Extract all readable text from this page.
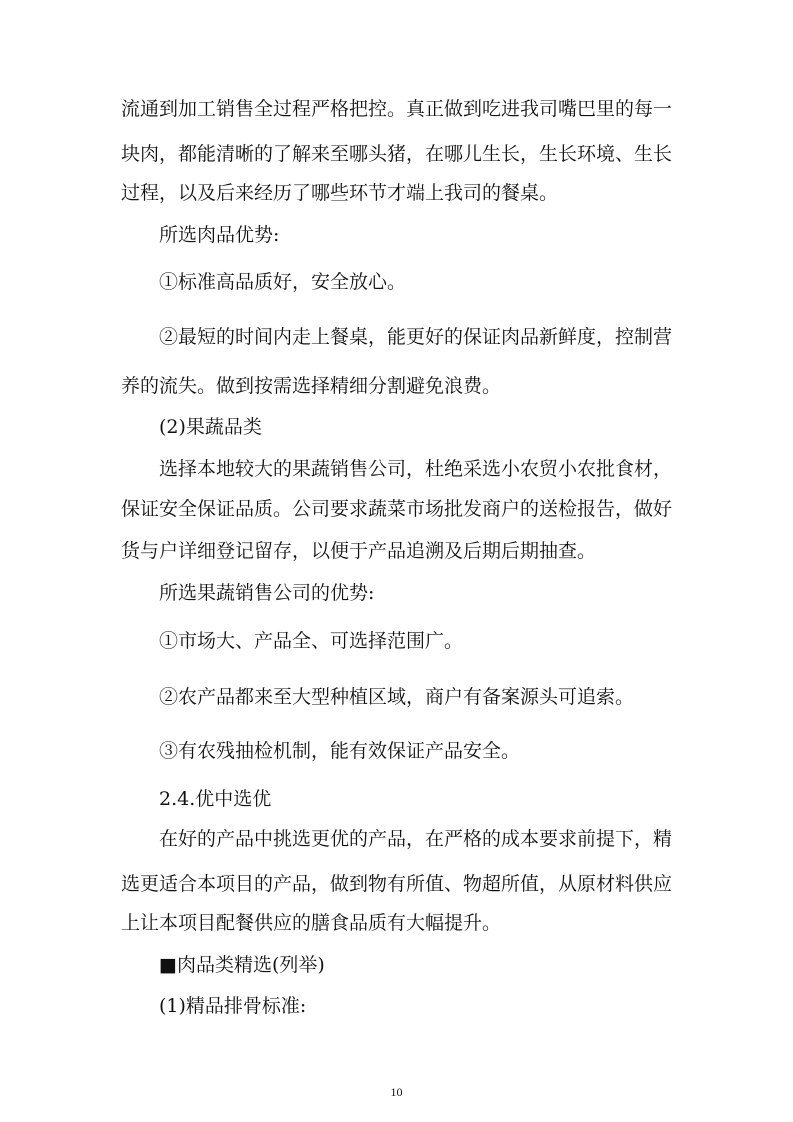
流通到加工销售全过程严格把控。真正做到吃进我司嘴巴里的每一

块肉，都能清晰的了解来至哪头猪，在哪儿生长，生长环境、生长

过程，以及后来经历了哪些环节才端上我司的餐桌。

所选肉品优势:

①标准高品质好，安全放心。

②最短的时间内走上餐桌，能更好的保证肉品新鲜度，控制营

养的流失。做到按需选择精细分割避免浪费。

(2)果蔬品类

选择本地较大的果蔬销售公司，杜绝采选小农贸小农批食材，

保证安全保证品质。公司要求蔬菜市场批发商户的送检报告，做好

货与户详细登记留存，以便于产品追溯及后期后期抽查。

所选果蔬销售公司的优势:

①市场大、产品全、可选择范围广。

②农产品都来至大型种植区域，商户有备案源头可追索。

③有农残抽检机制，能有效保证产品安全。

2.4.优中选优

在好的产品中挑选更优的产品，在严格的成本要求前提下，精

选更适合本项目的产品，做到物有所值、物超所值，从原材料供应

上让本项目配餐供应的膳食品质有大幅提升。

■肉品类精选(列举)

(1)精品排骨标准:

10
